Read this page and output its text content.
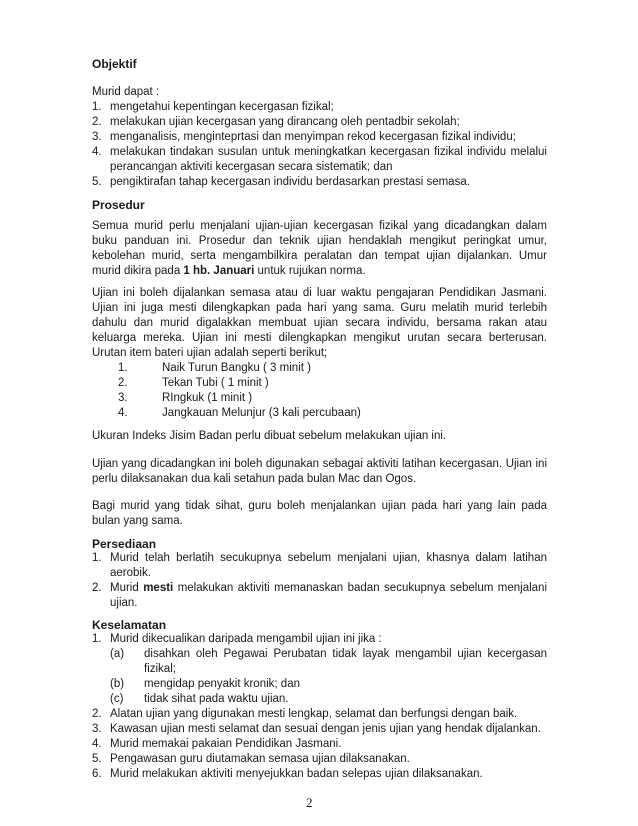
Objektif
Murid dapat :
1. mengetahui kepentingan kecergasan fizikal;
2. melakukan ujian kecergasan yang dirancang oleh pentadbir sekolah;
3. menganalisis, menginteprtasi dan menyimpan rekod kecergasan fizikal individu;
4. melakukan tindakan susulan untuk meningkatkan kecergasan fizikal individu melalui
perancangan aktiviti kecergasan secara sistematik; dan
5. pengiktirafan tahap kecergasan individu berdasarkan prestasi semasa.
Prosedur
Semua murid perlu menjalani ujian-ujian kecergasan fizikal yang dicadangkan dalam
buku panduan ini. Prosedur dan teknik ujian hendaklah mengikut peringkat umur,
kebolehan murid, serta mengambilkira peralatan dan tempat ujian dijalankan. Umur
murid dikira pada 1 hb. Januari untuk rujukan norma.
Ujian ini boleh dijalankan semasa atau di luar waktu pengajaran Pendidikan Jasmani.
Ujian ini juga mesti dilengkapkan pada hari yang sama. Guru melatih murid terlebih
dahulu dan murid digalakkan membuat ujian secara individu, bersama rakan atau
keluarga mereka. Ujian ini mesti dilengkapkan mengikut urutan secara berterusan.
Urutan item bateri ujian adalah seperti berikut;
1.	Naik Turun Bangku ( 3 minit )
2.	Tekan Tubi ( 1 minit )
3.	RIngkuk (1 minit )
4.	Jangkauan Melunjur (3 kali percubaan)
Ukuran Indeks Jisim Badan perlu dibuat sebelum melakukan ujian ini.
Ujian yang dicadangkan ini boleh digunakan sebagai aktiviti latihan kecergasan. Ujian ini
perlu dilaksanakan dua kali setahun pada bulan Mac dan Ogos.
Bagi murid yang tidak sihat, guru boleh menjalankan ujian pada hari yang lain pada
bulan yang sama.
Persediaan
1. Murid telah berlatih secukupnya sebelum menjalani ujian, khasnya dalam latihan
aerobik.
2. Murid mesti melakukan aktiviti memanaskan badan secukupnya sebelum menjalani
ujian.
Keselamatan
1. Murid dikecualikan daripada mengambil ujian ini jika :
(a) disahkan oleh Pegawai Perubatan tidak layak mengambil ujian kecergasan
fizikal;
(b) mengidap penyakit kronik; dan
(c) tidak sihat pada waktu ujian.
2. Alatan ujian yang digunakan mesti lengkap, selamat dan berfungsi dengan baik.
3. Kawasan ujian mesti selamat dan sesuai dengan jenis ujian yang hendak dijalankan.
4. Murid memakai pakaian Pendidikan Jasmani.
5. Pengawasan guru diutamakan semasa ujian dilaksanakan.
6. Murid melakukan aktiviti menyejukkan badan selepas ujian dilaksanakan.
2
